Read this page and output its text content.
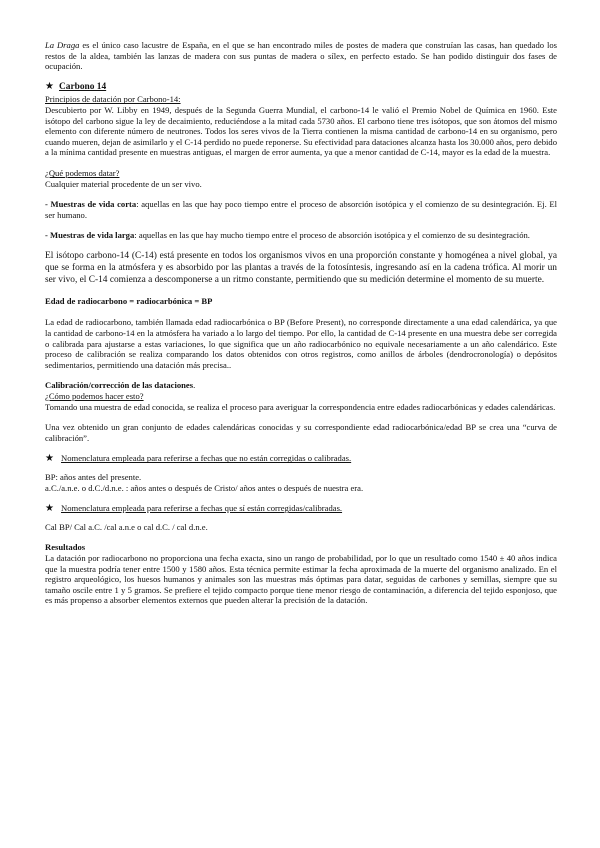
La Draga es el único caso lacustre de España, en el que se han encontrado miles de postes de madera que construían las casas, han quedado los restos de la aldea, también las lanzas de madera con sus puntas de madera o sílex, en perfecto estado. Se han podido distinguir dos fases de ocupación.

★ Carbono 14

Principios de datación por Carbono-14:
Descubierto por W. Libby en 1949, después de la Segunda Guerra Mundial, el carbono-14 le valió el Premio Nobel de Química en 1960. Este isótopo del carbono sigue la ley de decaimiento, reduciéndose a la mitad cada 5730 años. El carbono tiene tres isótopos, que son átomos del mismo elemento con diferente número de neutrones. Todos los seres vivos de la Tierra contienen la misma cantidad de carbono-14 en su organismo, pero cuando mueren, dejan de asimilarlo y el C-14 perdido no puede reponerse. Su efectividad para dataciones alcanza hasta los 30.000 años, pero debido a la mínima cantidad presente en muestras antiguas, el margen de error aumenta, ya que a menor cantidad de C-14, mayor es la edad de la muestra.

¿Qué podemos datar?
Cualquier material procedente de un ser vivo.

- Muestras de vida corta: aquellas en las que hay poco tiempo entre el proceso de absorción isotópica y el comienzo de su desintegración. Ej. El ser humano.

- Muestras de vida larga: aquellas en las que hay mucho tiempo entre el proceso de absorción isotópica y el comienzo de su desintegración.

El isótopo carbono-14 (C-14) está presente en todos los organismos vivos en una proporción constante y homogénea a nivel global, ya que se forma en la atmósfera y es absorbido por las plantas a través de la fotosíntesis, ingresando así en la cadena trófica. Al morir un ser vivo, el C-14 comienza a descomponerse a un ritmo constante, permitiendo que su medición determine el momento de su muerte.

Edad de radiocarbono = radiocarbónica = BP

La edad de radiocarbono, también llamada edad radiocarbónica o BP (Before Present), no corresponde directamente a una edad calendárica, ya que la cantidad de carbono-14 en la atmósfera ha variado a lo largo del tiempo. Por ello, la cantidad de C-14 presente en una muestra debe ser corregida o calibrada para ajustarse a estas variaciones, lo que significa que un año radiocarbónico no equivale necesariamente a un año calendárico. Este proceso de calibración se realiza comparando los datos obtenidos con otros registros, como anillos de árboles (dendrocronología) o depósitos sedimentarios, permitiendo una datación más precisa..

Calibración/corrección de las dataciones.
¿Cómo podemos hacer esto?
Tomando una muestra de edad conocida, se realiza el proceso para averiguar la correspondencia entre edades radiocarbónicas y edades calendáricas.

Una vez obtenido un gran conjunto de edades calendáricas conocidas y su correspondiente edad radiocarbónica/edad BP se crea una “curva de calibración”.

★ Nomenclatura empleada para referirse a fechas que no están corregidas o calibradas.

BP: años antes del presente.

a.C./a.n.e. o d.C./d.n.e. : años antes o después de Cristo/ años antes o después de nuestra era.

★ Nomenclatura empleada para referirse a fechas que sí están corregidas/calibradas.

Cal BP/ Cal a.C. /cal a.n.e o cal d.C. / cal d.n.e.

Resultados
La datación por radiocarbono no proporciona una fecha exacta, sino un rango de probabilidad, por lo que un resultado como 1540 ± 40 años indica que la muestra podría tener entre 1500 y 1580 años. Esta técnica permite estimar la fecha aproximada de la muerte del organismo analizado. En el registro arqueológico, los huesos humanos y animales son las muestras más óptimas para datar, seguidas de carbones y semillas, siempre que su tamaño oscile entre 1 y 5 gramos. Se prefiere el tejido compacto porque tiene menor riesgo de contaminación, a diferencia del tejido esponjoso, que es más propenso a absorber elementos externos que pueden alterar la precisión de la datación.
